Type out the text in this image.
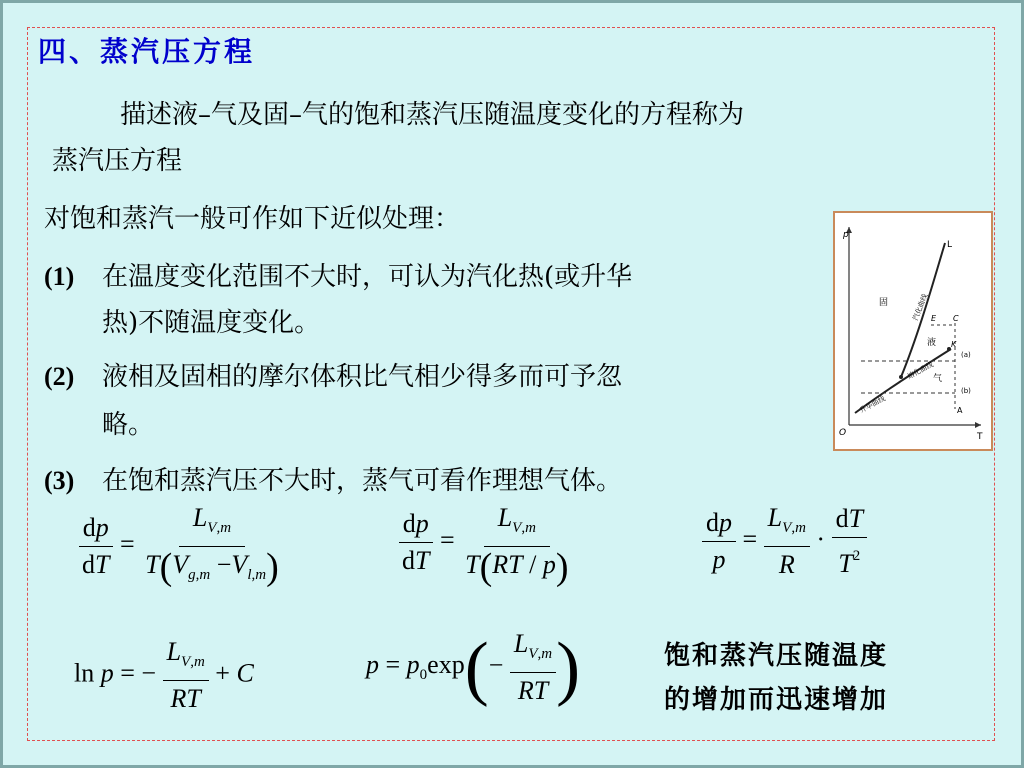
四、蒸汽压方程
描述液–气及固–气的饱和蒸汽压随温度变化的方程称为
蒸汽压方程
对饱和蒸汽一般可作如下近似处理：
(1) 在温度变化范围不大时，可认为汽化热(或升华
热)不随温度变化。
(2) 液相及固相的摩尔体积比气相少得多而可予忽
略。
(3) 在饱和蒸汽压不大时，蒸气可看作理想气体。
p
T
O
L
E C
K
A
(a)
(b)
固
液
气
汽化曲线
熔化曲线
升华曲线
$\frac{dp}{dT} = \frac{L_{V,m}}{T(V_{g,m} -V_{l,m})}$	$\frac{dp}{dT} = \frac{L_{V,m}}{T(RT / p)}$	$\frac{dp}{p} = \frac{L_{V,m}}{R} \cdot \frac{dT}{T^2}$
ln p = − $\frac{L_{V,m}}{RT} + C$	$p = p_0\exp(- \frac{L_{V,m}}{RT}$ )	饱和蒸汽压随温度
的增加而迅速增加
